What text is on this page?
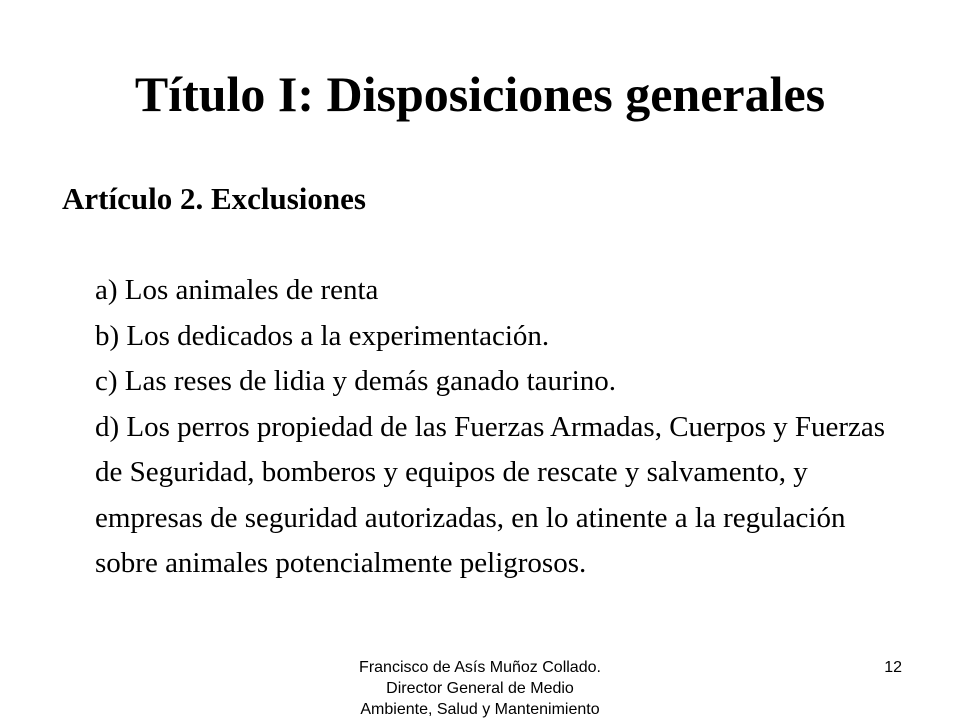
Título I: Disposiciones generales
Artículo 2. Exclusiones
a) Los animales de renta
b) Los dedicados a la experimentación.
c) Las reses de lidia y demás ganado taurino.
d) Los perros propiedad de las Fuerzas Armadas, Cuerpos y Fuerzas de Seguridad, bomberos y equipos de rescate y salvamento, y empresas de seguridad autorizadas, en lo atinente a la regulación sobre animales potencialmente peligrosos.
Francisco de Asís Muñoz Collado.
Director General de Medio
Ambiente, Salud y Mantenimiento
12
